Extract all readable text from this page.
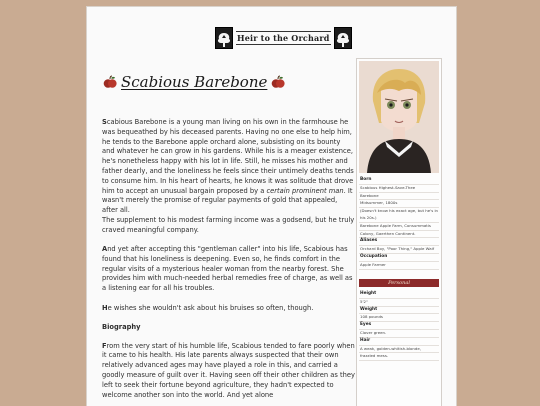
Heir to the Orchard
Scabious Barebone

Scabious Barebone is a young man living on his own in the farmhouse he was bequeathed by his deceased parents. Having no one else to help him, he tends to the Barebone apple orchard alone, subsisting on its bounty and whatever he can grow in his gardens. While his is a meager existence, he's nonetheless happy with his lot in life. Still, he misses his mother and father dearly, and the loneliness he feels since their untimely deaths tends to consume him. In his heart of hearts, he knows it was solitude that drove him to accept an unusual bargain proposed by a certain prominent man. It wasn't merely the promise of regular payments of gold that appealed, after all.
The supplement to his modest farming income was a godsend, but he truly craved meaningful company.

And yet after accepting this "gentleman caller" into his life, Scabious has found that his loneliness is deepening. Even so, he finds comfort in the regular visits of a mysterious healer woman from the nearby forest. She provides him with much-needed herbal remedies free of charge, as well as a listening ear for all his troubles.

He wishes she wouldn't ask about his bruises so often, though.

Biography

From the very start of his humble life, Scabious tended to fare poorly when it came to his health. His late parents always suspected that their own relatively advanced ages may have played a role in this, and carried a goodly measure of guilt over it. Having seen off their other children as they left to seek their fortune beyond agriculture, they hadn't expected to welcome another son into the world. And yet alone

Born
Scabious Highest-Save-Thee
Barebone
Midsummer, 1800s
(Doesn't know his exact age, but he's in his 20s.)
Barebone Apple Farm, Consummatis
Colony, Gaerthen Continent.
Aliases
Orchard Boy, "Poor Thing," Apple Waif
Occupation
Apple Farmer
Personal
Height
5'2"
Weight
108 pounds
Eyes
Clover green.
Hair
A weak, golden-whitish-blonde,
frazzled mess.
